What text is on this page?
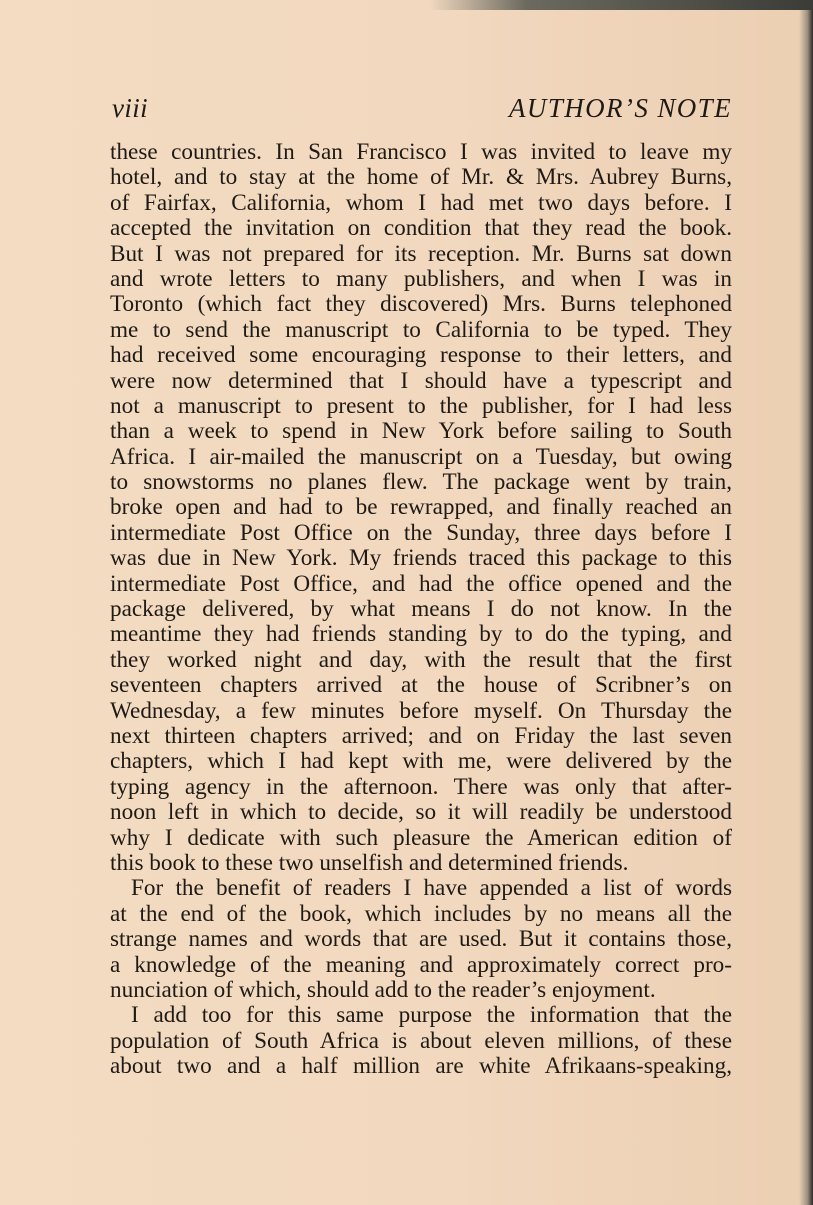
viii	AUTHOR’S NOTE
these countries. In San Francisco I was invited to leave my
hotel, and to stay at the home of Mr. & Mrs. Aubrey Burns,
of Fairfax, California, whom I had met two days before. I
accepted the invitation on condition that they read the book.
But I was not prepared for its reception. Mr. Burns sat down
and wrote letters to many publishers, and when I was in
Toronto (which fact they discovered) Mrs. Burns telephoned
me to send the manuscript to California to be typed. They
had received some encouraging response to their letters, and
were now determined that I should have a typescript and
not a manuscript to present to the publisher, for I had less
than a week to spend in New York before sailing to South
Africa. I air-mailed the manuscript on a Tuesday, but owing
to snowstorms no planes flew. The package went by train,
broke open and had to be rewrapped, and finally reached an
intermediate Post Office on the Sunday, three days before I
was due in New York. My friends traced this package to this
intermediate Post Office, and had the office opened and the
package delivered, by what means I do not know. In the
meantime they had friends standing by to do the typing, and
they worked night and day, with the result that the first
seventeen chapters arrived at the house of Scribner’s on
Wednesday, a few minutes before myself. On Thursday the
next thirteen chapters arrived; and on Friday the last seven
chapters, which I had kept with me, were delivered by the
typing agency in the afternoon. There was only that after-
noon left in which to decide, so it will readily be understood
why I dedicate with such pleasure the American edition of
this book to these two unselfish and determined friends.
For the benefit of readers I have appended a list of words
at the end of the book, which includes by no means all the
strange names and words that are used. But it contains those,
a knowledge of the meaning and approximately correct pro-
nunciation of which, should add to the reader’s enjoyment.
I add too for this same purpose the information that the
population of South Africa is about eleven millions, of these
about two and a half million are white Afrikaans-speaking,
